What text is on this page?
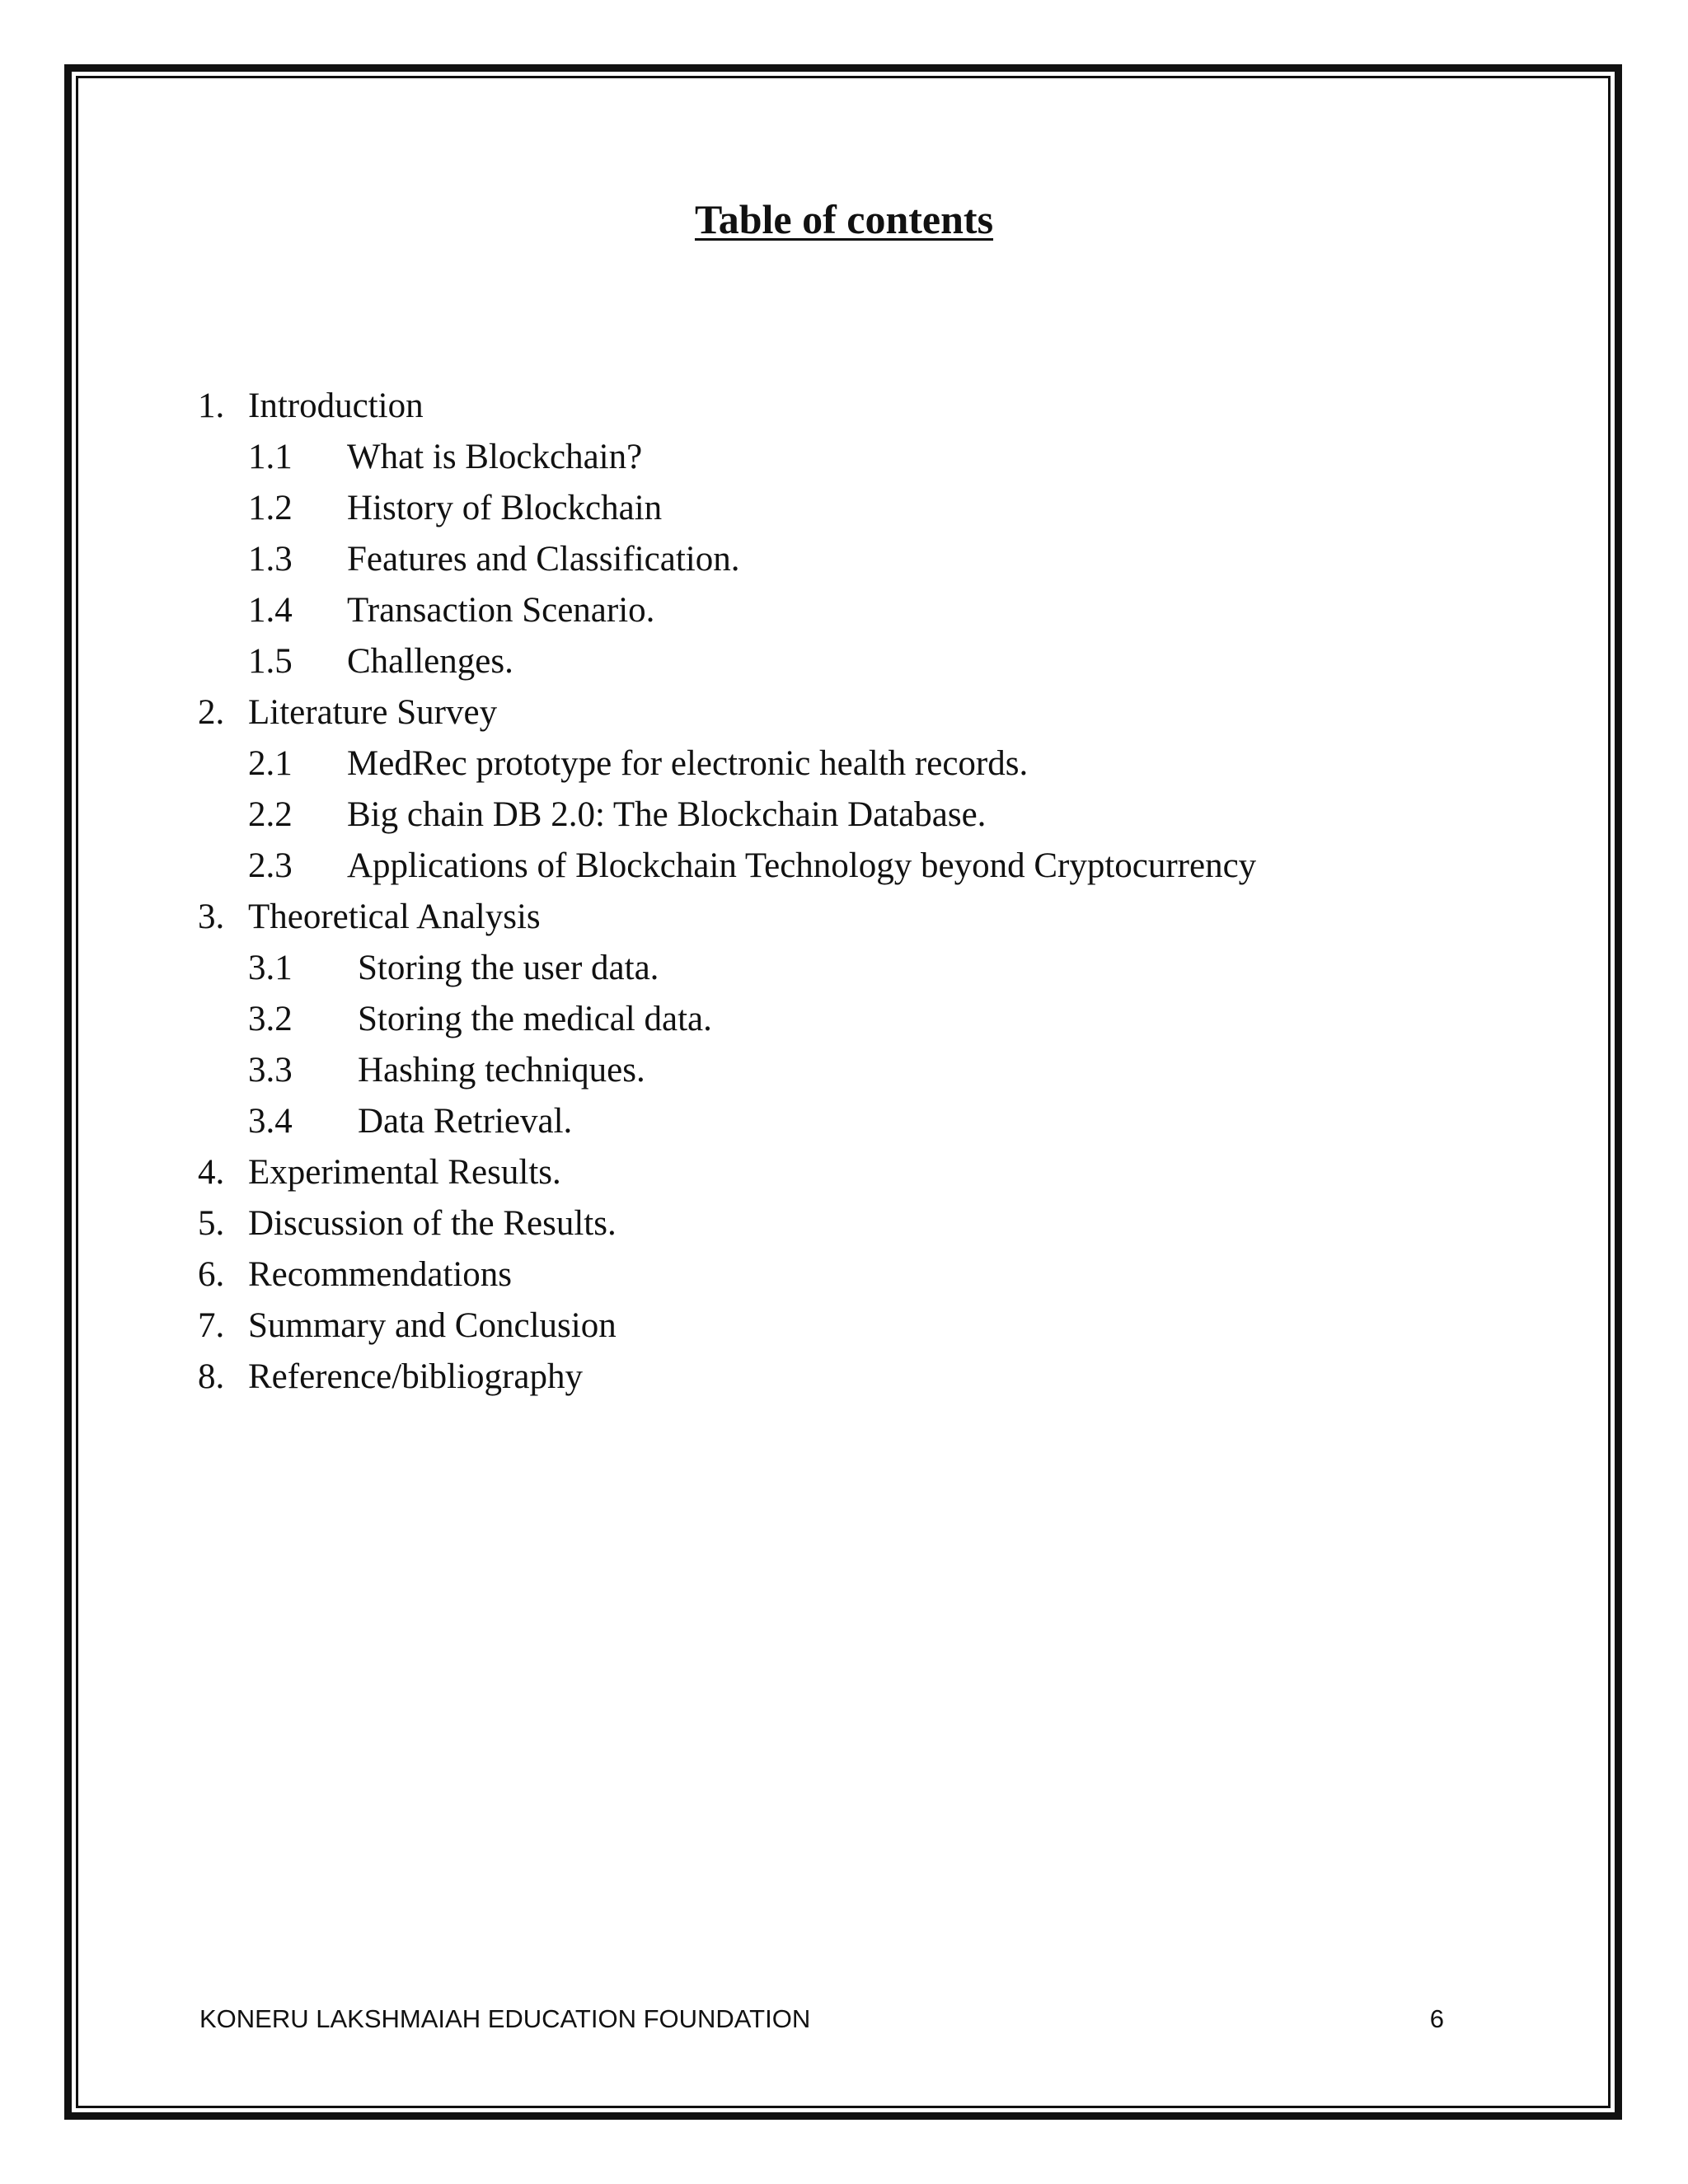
Table of contents
1. Introduction
1.1 What is Blockchain?
1.2 History of Blockchain
1.3 Features and Classification.
1.4 Transaction Scenario.
1.5 Challenges.
2. Literature Survey
2.1 MedRec prototype for electronic health records.
2.2 Big chain DB 2.0: The Blockchain Database.
2.3 Applications of Blockchain Technology beyond Cryptocurrency
3. Theoretical Analysis
3.1 Storing the user data.
3.2 Storing the medical data.
3.3 Hashing techniques.
3.4 Data Retrieval.
4. Experimental Results.
5. Discussion of the Results.
6. Recommendations
7. Summary and Conclusion
8. Reference/bibliography
KONERU LAKSHMAIAH EDUCATION FOUNDATION	6
